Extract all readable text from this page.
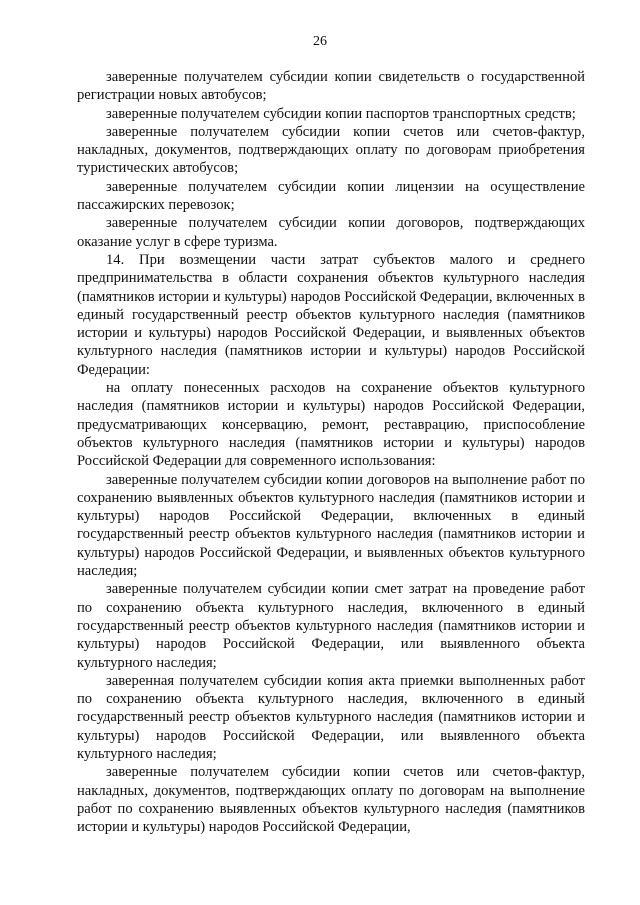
26

заверенные получателем субсидии копии свидетельств о государственной регистрации новых автобусов;

заверенные получателем субсидии копии паспортов транспортных средств;

заверенные получателем субсидии копии счетов или счетов-фактур, накладных, документов, подтверждающих оплату по договорам приобретения туристических автобусов;

заверенные получателем субсидии копии лицензии на осуществление пассажирских перевозок;

заверенные получателем субсидии копии договоров, подтверждающих оказание услуг в сфере туризма.

14. При возмещении части затрат субъектов малого и среднего предпринимательства в области сохранения объектов культурного наследия (памятников истории и культуры) народов Российской Федерации, включенных в единый государственный реестр объектов культурного наследия (памятников истории и культуры) народов Российской Федерации, и выявленных объектов культурного наследия (памятников истории и культуры) народов Российской Федерации:

на оплату понесенных расходов на сохранение объектов культурного наследия (памятников истории и культуры) народов Российской Федерации, предусматривающих консервацию, ремонт, реставрацию, приспособление объектов культурного наследия (памятников истории и культуры) народов Российской Федерации для современного использования:

заверенные получателем субсидии копии договоров на выполнение работ по сохранению выявленных объектов культурного наследия (памятников истории и культуры) народов Российской Федерации, включенных в единый государственный реестр объектов культурного наследия (памятников истории и культуры) народов Российской Федерации, и выявленных объектов культурного наследия;

заверенные получателем субсидии копии смет затрат на проведение работ по сохранению объекта культурного наследия, включенного в единый государственный реестр объектов культурного наследия (памятников истории и культуры) народов Российской Федерации, или выявленного объекта культурного наследия;

заверенная получателем субсидии копия акта приемки выполненных работ по сохранению объекта культурного наследия, включенного в единый государственный реестр объектов культурного наследия (памятников истории и культуры) народов Российской Федерации, или выявленного объекта культурного наследия;

заверенные получателем субсидии копии счетов или счетов-фактур, накладных, документов, подтверждающих оплату по договорам на выполнение работ по сохранению выявленных объектов культурного наследия (памятников истории и культуры) народов Российской Федерации,
